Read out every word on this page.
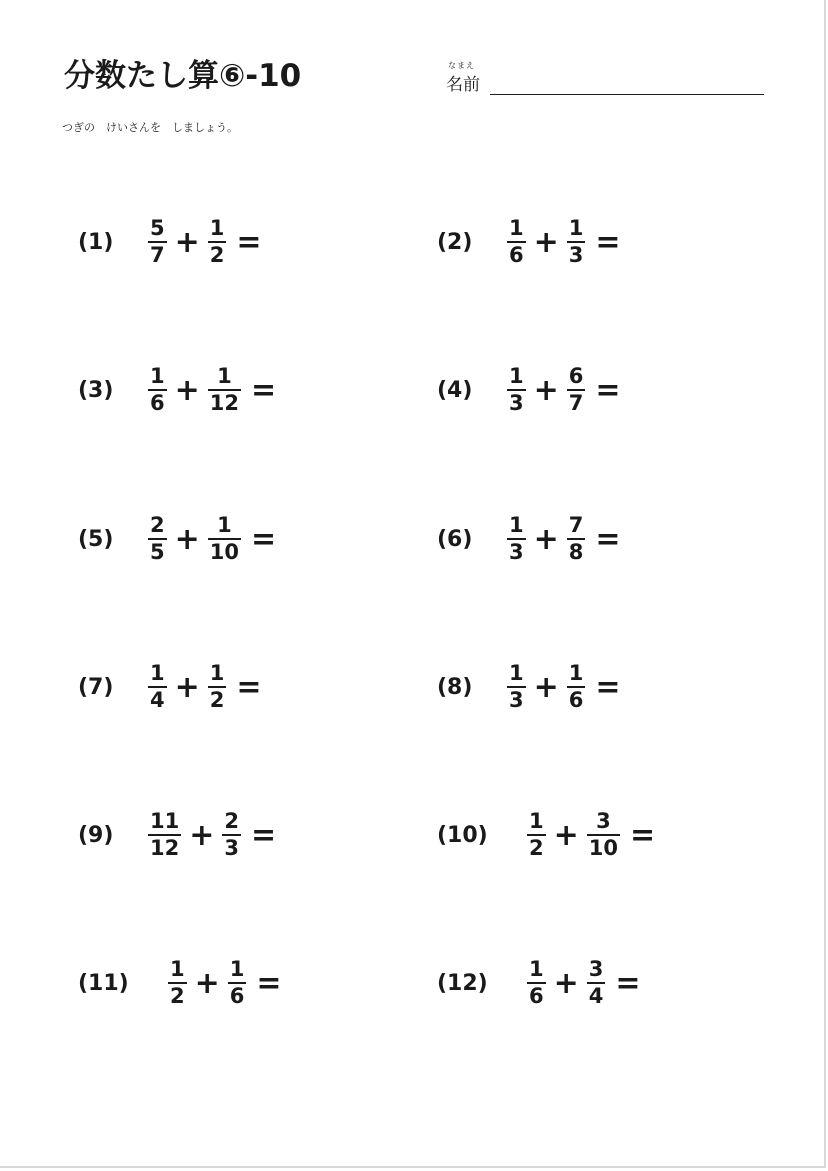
分数たし算⑥-10	なまえ
名前
つぎの　けいさんを　しましょう。
(1)	$\frac{5}{7} + \frac{1}{2}$ =
(3)	$\frac{1}{6} + \frac{1}{12}$ =
(5)	$\frac{2}{5} + \frac{1}{10}$ =
(7)	$\frac{1}{4} + \frac{1}{2}$ =
(9)	$\frac{11}{12} + \frac{2}{3}$ =
(11)	$\frac{1}{2} + \frac{1}{6}$ =
(2)	$\frac{1}{6} + \frac{1}{3}$ =
(4)	$\frac{1}{3} + \frac{6}{7}$ =
(6)	$\frac{1}{3} + \frac{7}{8}$ =
(8)	$\frac{1}{3} + \frac{1}{6}$ =
(10)	$\frac{1}{2} + \frac{3}{10}$ =
(12)	$\frac{1}{6} + \frac{3}{4}$ =
